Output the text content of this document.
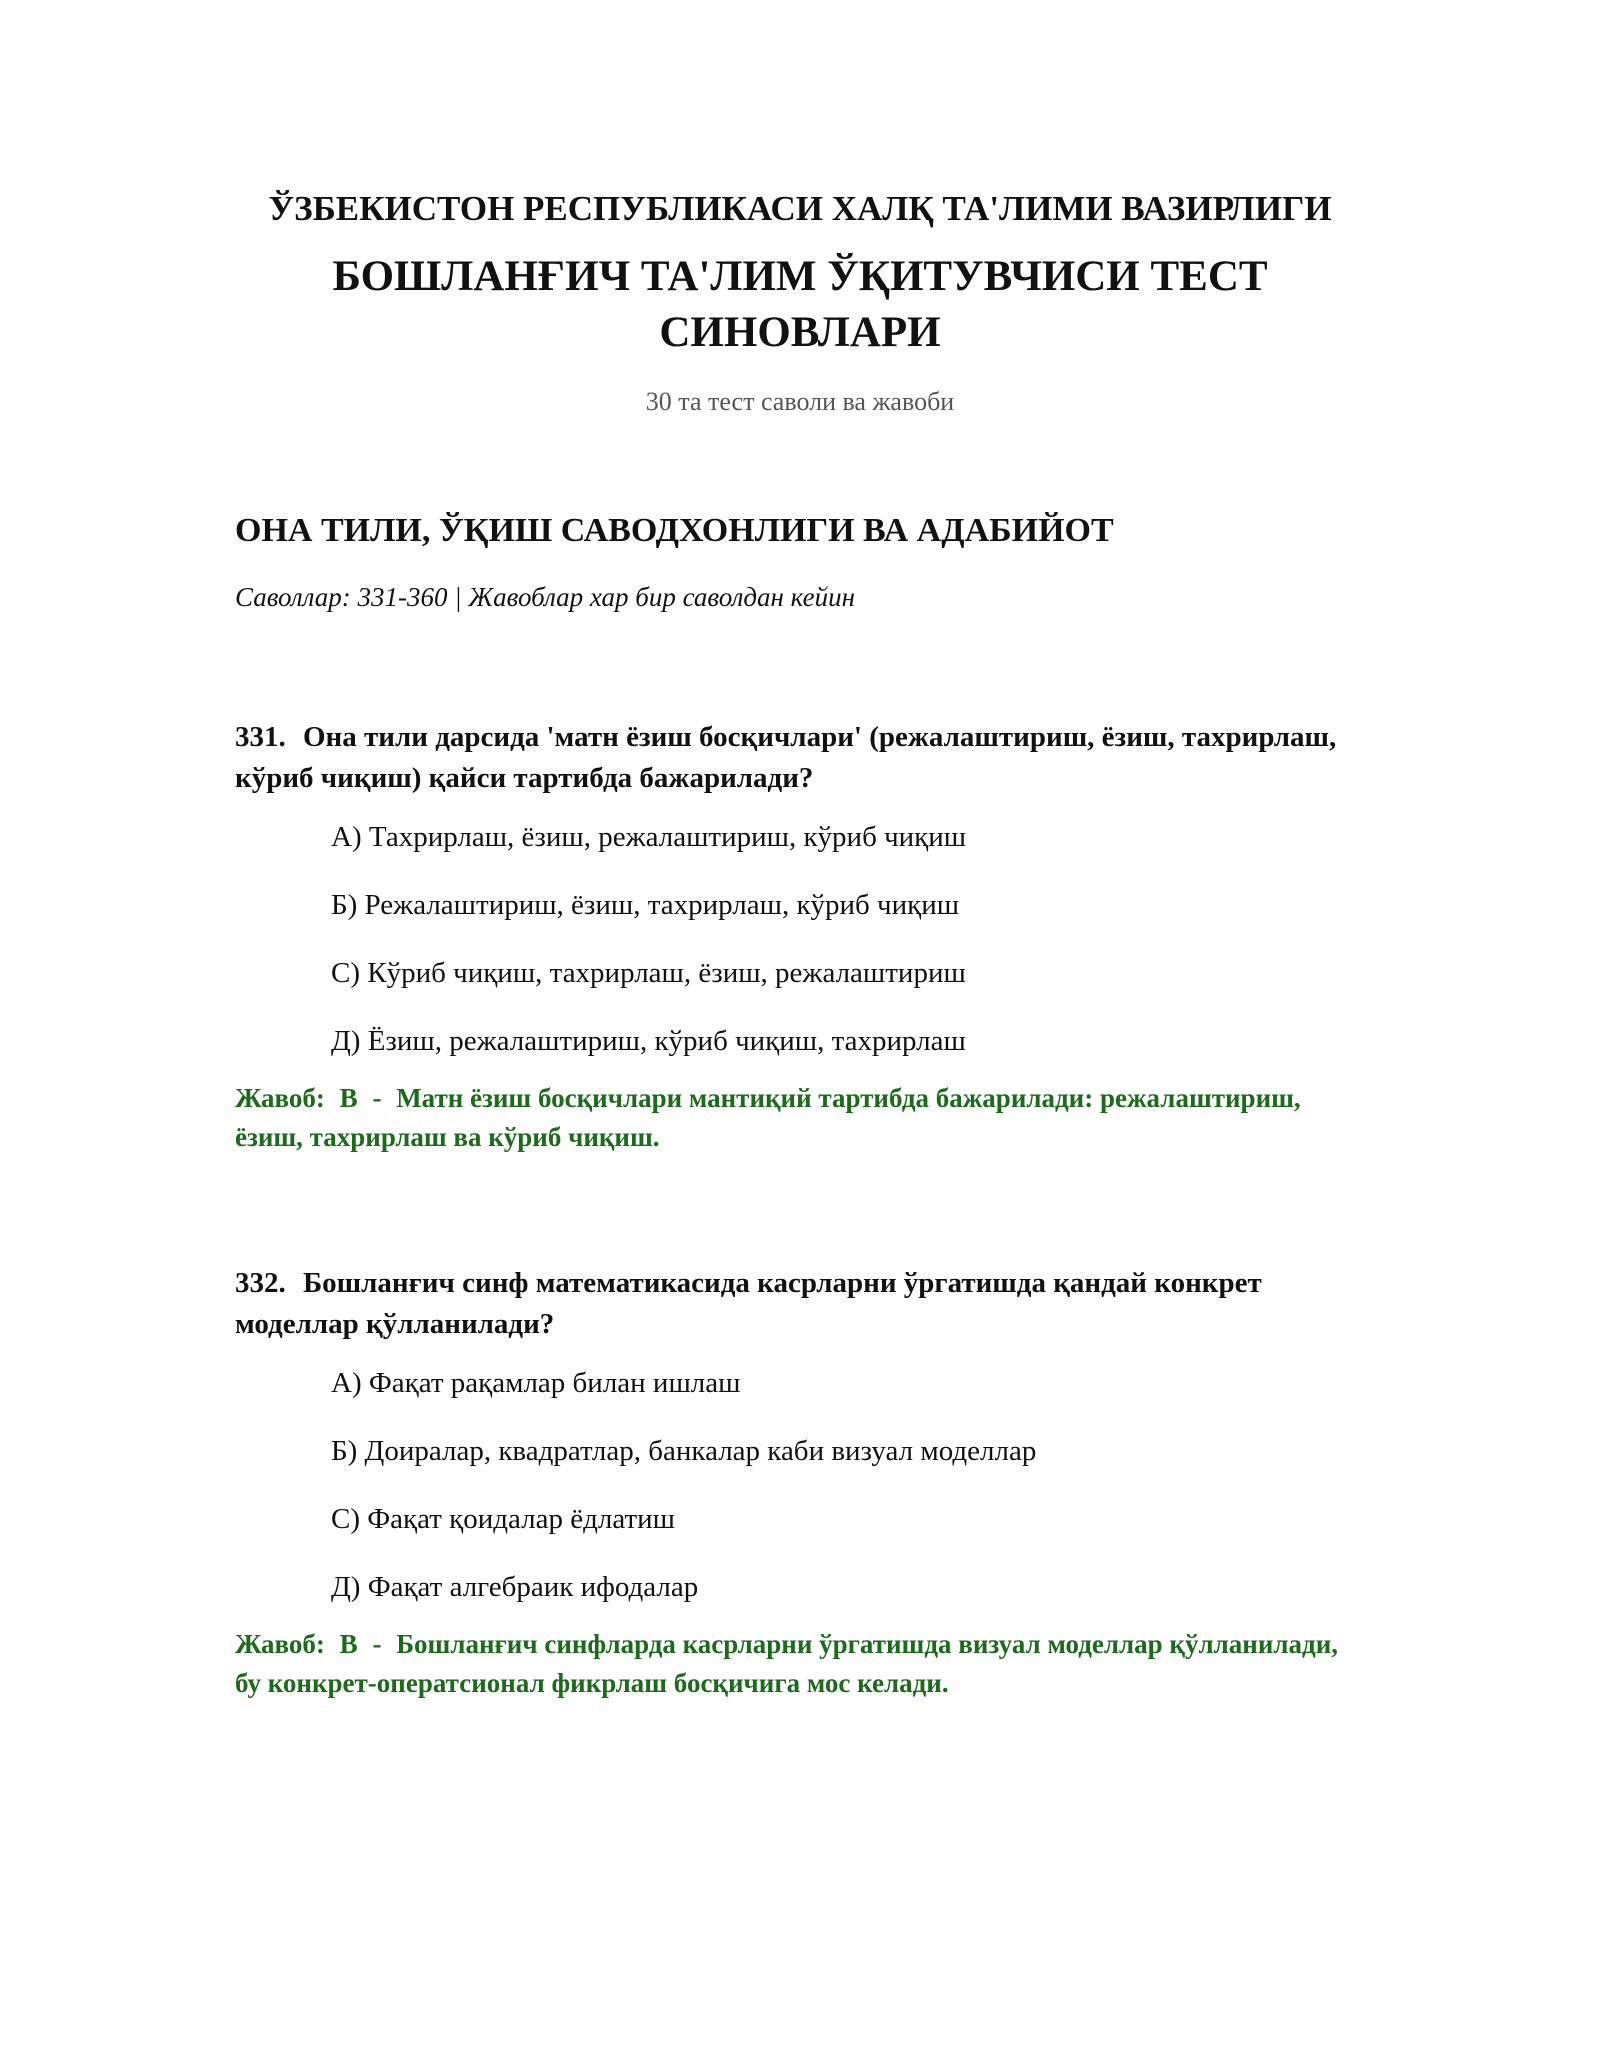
ЎЗБЕКИСТОН РЕСПУБЛИКАСИ ХАЛҚ ТА'ЛИМИ ВАЗИРЛИГИ

БОШЛАНҒИЧ ТА'ЛИМ ЎҚИТУВЧИСИ ТЕСТ СИНОВЛАРИ

30 та тест саволи ва жавоби

ОНА ТИЛИ, ЎҚИШ САВОДХОНЛИГИ ВА АДАБИЙОТ

Саволлар: 331-360 | Жавоблар хар бир саволдан кейин

331. Она тили дарсида 'матн ёзиш босқичлари' (режалаштириш, ёзиш, тахрирлаш, кўриб чиқиш) қайси тартибда бажарилади?

А) Тахрирлаш, ёзиш, режалаштириш, кўриб чиқиш
Б) Режалаштириш, ёзиш, тахрирлаш, кўриб чиқиш
С) Кўриб чиқиш, тахрирлаш, ёзиш, режалаштириш
Д) Ёзиш, режалаштириш, кўриб чиқиш, тахрирлаш

Жавоб: B - Матн ёзиш босқичлари мантиқий тартибда бажарилади: режалаштириш, ёзиш, тахрирлаш ва кўриб чиқиш.

332. Бошланғич синф математикасида касрларни ўргатишда қандай конкрет моделлар қўлланилади?

А) Фақат рақамлар билан ишлаш
Б) Доиралар, квадратлар, банкалар каби визуал моделлар
С) Фақат қоидалар ёдлатиш
Д) Фақат алгебраик ифодалар

Жавоб: B - Бошланғич синфларда касрларни ўргатишда визуал моделлар қўлланилади, бу конкрет-оператсионал фикрлаш босқичига мос келади.
